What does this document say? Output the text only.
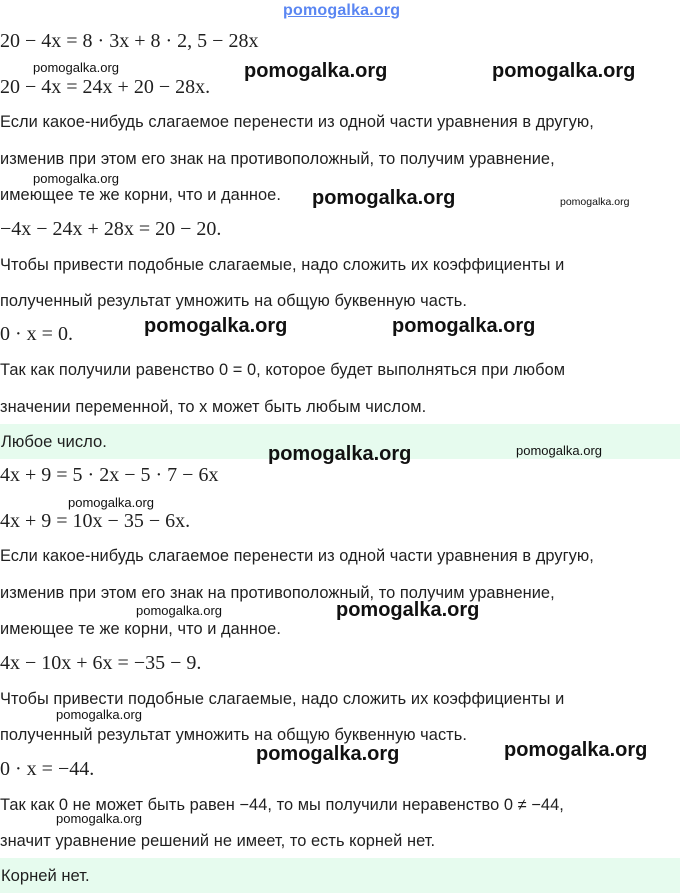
pomogalka.org
20 − 4x = 8 · 3x + 8 · 2, 5 − 28x
20 − 4x = 24x + 20 − 28x.
Если какое-нибудь слагаемое перенести из одной части уравнения в другую,
изменив при этом его знак на противоположный, то получим уравнение,
имеющее те же корни, что и данное.
−4x − 24x + 28x = 20 − 20.
Чтобы привести подобные слагаемые, надо сложить их коэффициенты и
полученный результат умножить на общую буквенную часть.
0 · x = 0.
Так как получили равенство 0 = 0, которое будет выполняться при любом
значении переменной, то x может быть любым числом.
Любое число.
4x + 9 = 5 · 2x − 5 · 7 − 6x
4x + 9 = 10x − 35 − 6x.
Если какое-нибудь слагаемое перенести из одной части уравнения в другую,
изменив при этом его знак на противоположный, то получим уравнение,
имеющее те же корни, что и данное.
4x − 10x + 6x = −35 − 9.
Чтобы привести подобные слагаемые, надо сложить их коэффициенты и
полученный результат умножить на общую буквенную часть.
0 · x = −44.
Так как 0 не может быть равен −44, то мы получили неравенство 0 ≠ −44,
значит уравнение решений не имеет, то есть корней нет.
Корней нет.
pomogalka.org	pomogalka.org	pomogalka.org
pomogalka.org
pomogalka.org	pomogalka.org
pomogalka.org	pomogalka.org
pomogalka.org	pomogalka.org
pomogalka.org
pomogalka.org	pomogalka.org
pomogalka.org
pomogalka.org	pomogalka.org
pomogalka.org
